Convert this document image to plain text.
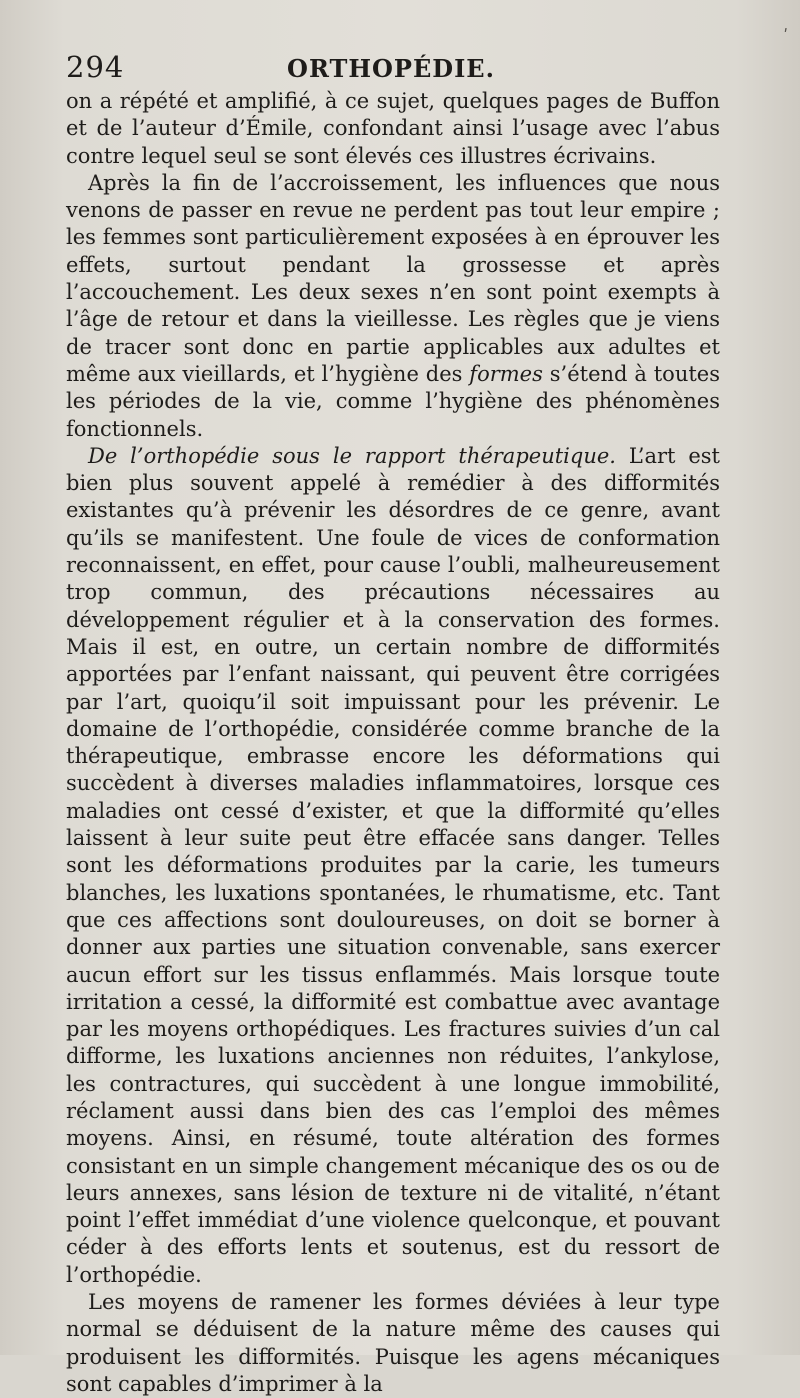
ʹ
294	ORTHOPÉDIE.

on a répété et amplifié, à ce sujet, quelques pages de Buffon et de l’auteur d’Émile, confondant ainsi l’usage avec l’abus contre lequel seul se sont élevés ces illustres écrivains.

Après la fin de l’accroissement, les influences que nous venons de passer en revue ne perdent pas tout leur empire ; les femmes sont particulièrement exposées à en éprouver les effets, surtout pendant la grossesse et après l’accouchement. Les deux sexes n’en sont point exempts à l’âge de retour et dans la vieillesse. Les règles que je viens de tracer sont donc en partie applicables aux adultes et même aux vieillards, et l’hygiène des formes s’étend à toutes les périodes de la vie, comme l’hygiène des phénomènes fonctionnels.

De l’orthopédie sous le rapport thérapeutique. L’art est bien plus souvent appelé à remédier à des difformités existantes qu’à prévenir les désordres de ce genre, avant qu’ils se manifestent. Une foule de vices de conformation reconnaissent, en effet, pour cause l’oubli, malheureusement trop commun, des précautions nécessaires au développement régulier et à la conservation des formes. Mais il est, en outre, un certain nombre de difformités apportées par l’enfant naissant, qui peuvent être corrigées par l’art, quoiqu’il soit impuissant pour les prévenir. Le domaine de l’orthopédie, considérée comme branche de la thérapeutique, embrasse encore les déformations qui succèdent à diverses maladies inflammatoires, lorsque ces maladies ont cessé d’exister, et que la difformité qu’elles laissent à leur suite peut être effacée sans danger. Telles sont les déformations produites par la carie, les tumeurs blanches, les luxations spontanées, le rhumatisme, etc. Tant que ces affections sont douloureuses, on doit se borner à donner aux parties une situation convenable, sans exercer aucun effort sur les tissus enflammés. Mais lorsque toute irritation a cessé, la difformité est combattue avec avantage par les moyens orthopédiques. Les fractures suivies d’un cal difforme, les luxations anciennes non réduites, l’ankylose, les contractures, qui succèdent à une longue immobilité, réclament aussi dans bien des cas l’emploi des mêmes moyens. Ainsi, en résumé, toute altération des formes consistant en un simple changement mécanique des os ou de leurs annexes, sans lésion de texture ni de vitalité, n’étant point l’effet immédiat d’une violence quelconque, et pouvant céder à des efforts lents et soutenus, est du ressort de l’orthopédie.

Les moyens de ramener les formes déviées à leur type normal se déduisent de la nature même des causes qui produisent les difformités. Puisque les agens mécaniques sont capables d’imprimer à la
